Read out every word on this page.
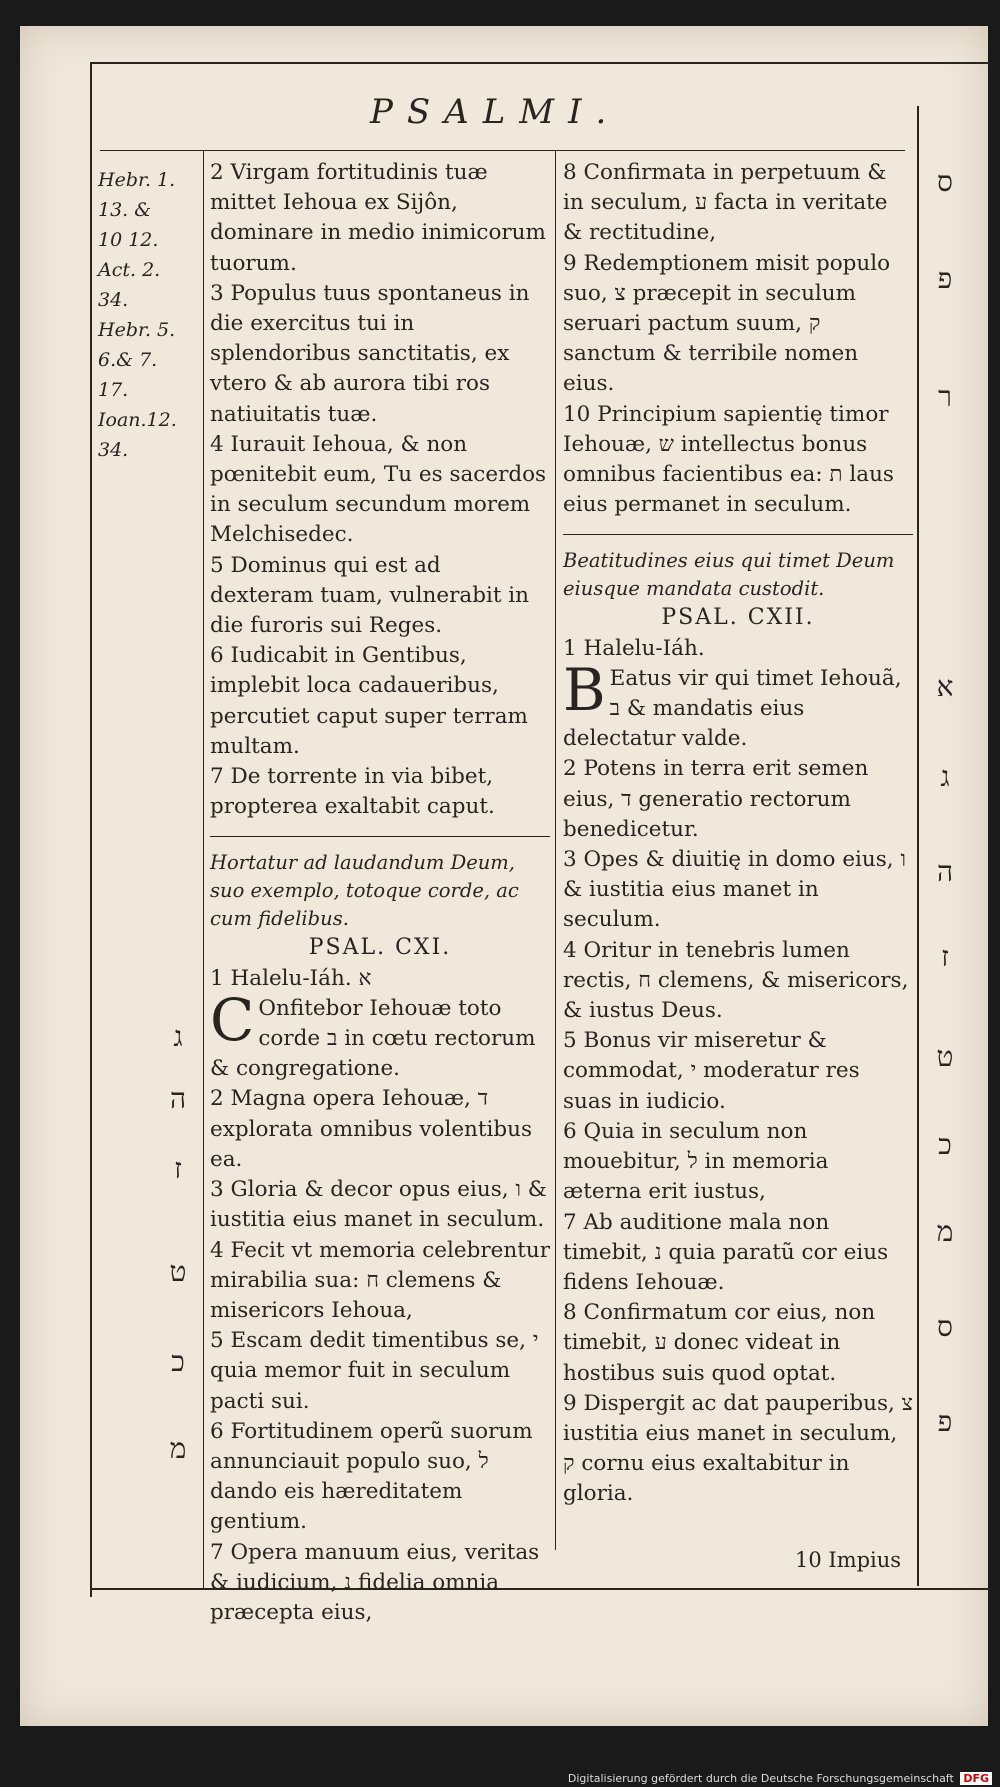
PSALMI.
Hebr. 1.
13. &
10 12.
Act. 2.
34.
Hebr. 5.
6.& 7.
17.
Ioan.12.
34.

2 Virgam fortitudinis tuæ mittet Iehoua ex Sijôn, dominare in medio inimicorum tuorum.

3 Populus tuus spontaneus in die exercitus tui in splendoribus sanctitatis, ex vtero & ab aurora tibi ros natiuitatis tuæ.

4 Iurauit Iehoua, & non pœnitebit eum, Tu es sacerdos in seculum secundum morem Melchisedec.

5 Dominus qui est ad dexteram tuam, vulnerabit in die furoris sui Reges.

6 Iudicabit in Gentibus, implebit loca cadaueribus, percutiet caput super terram multam.

7 De torrente in via bibet, propterea exaltabit caput.

Hortatur ad laudandum Deum, suo exemplo, totoque corde, ac cum fidelibus.

PSAL. CXI.

1 Halelu-Iáh. א

C Onfitebor Iehouæ toto corde ב in cœtu rectorum & congregatione.

2 Magna opera Iehouæ, ד explorata omnibus volentibus ea.

3 Gloria & decor opus eius, ו & iustitia eius manet in seculum.

4 Fecit vt memoria celebrentur mirabilia sua: ח clemens & misericors Iehoua,

5 Escam dedit timentibus se, י quia memor fuit in seculum pacti sui.

6 Fortitudinem operũ suorum annunciauit populo suo, ל dando eis hæreditatem gentium.

7 Opera manuum eius, veritas & iudicium, נ fidelia omnia præcepta eius,

8 Confirmata in perpetuum & in seculum, ע facta in veritate & rectitudine,

9 Redemptionem misit populo suo, צ præcepit in seculum seruari pactum suum, ק sanctum & terribile nomen eius.

10 Principium sapientię timor Iehouæ, ש intellectus bonus omnibus facientibus ea: ת laus eius permanet in seculum.

Beatitudines eius qui timet Deum eiusque mandata custodit.

PSAL. CXII.

1 Halelu-Iáh.

B Eatus vir qui timet Iehouã, ב & mandatis eius delectatur valde.

2 Potens in terra erit semen eius, ד generatio rectorum benedicetur.

3 Opes & diuitię in domo eius, ו & iustitia eius manet in seculum.

4 Oritur in tenebris lumen rectis, ח clemens, & misericors, & iustus Deus.

5 Bonus vir miseretur & commodat, י moderatur res suas in iudicio.

6 Quia in seculum non mouebitur, ל in memoria æterna erit iustus,

7 Ab auditione mala non timebit, נ quia paratũ cor eius fidens Iehouæ.

8 Confirmatum cor eius, non timebit, ע donec videat in hostibus suis quod optat.

9 Dispergit ac dat pauperibus, צ iustitia eius manet in seculum, ק cornu eius exaltabitur in gloria.

ג
ה
ז
ט
כ
מ
ס
פ
ר
א
ג
ה
ז
ט
כ
מ
ס
פ
10 Impius
Digitalisierung gefördert durch die Deutsche Forschungsgemeinschaft DFG
